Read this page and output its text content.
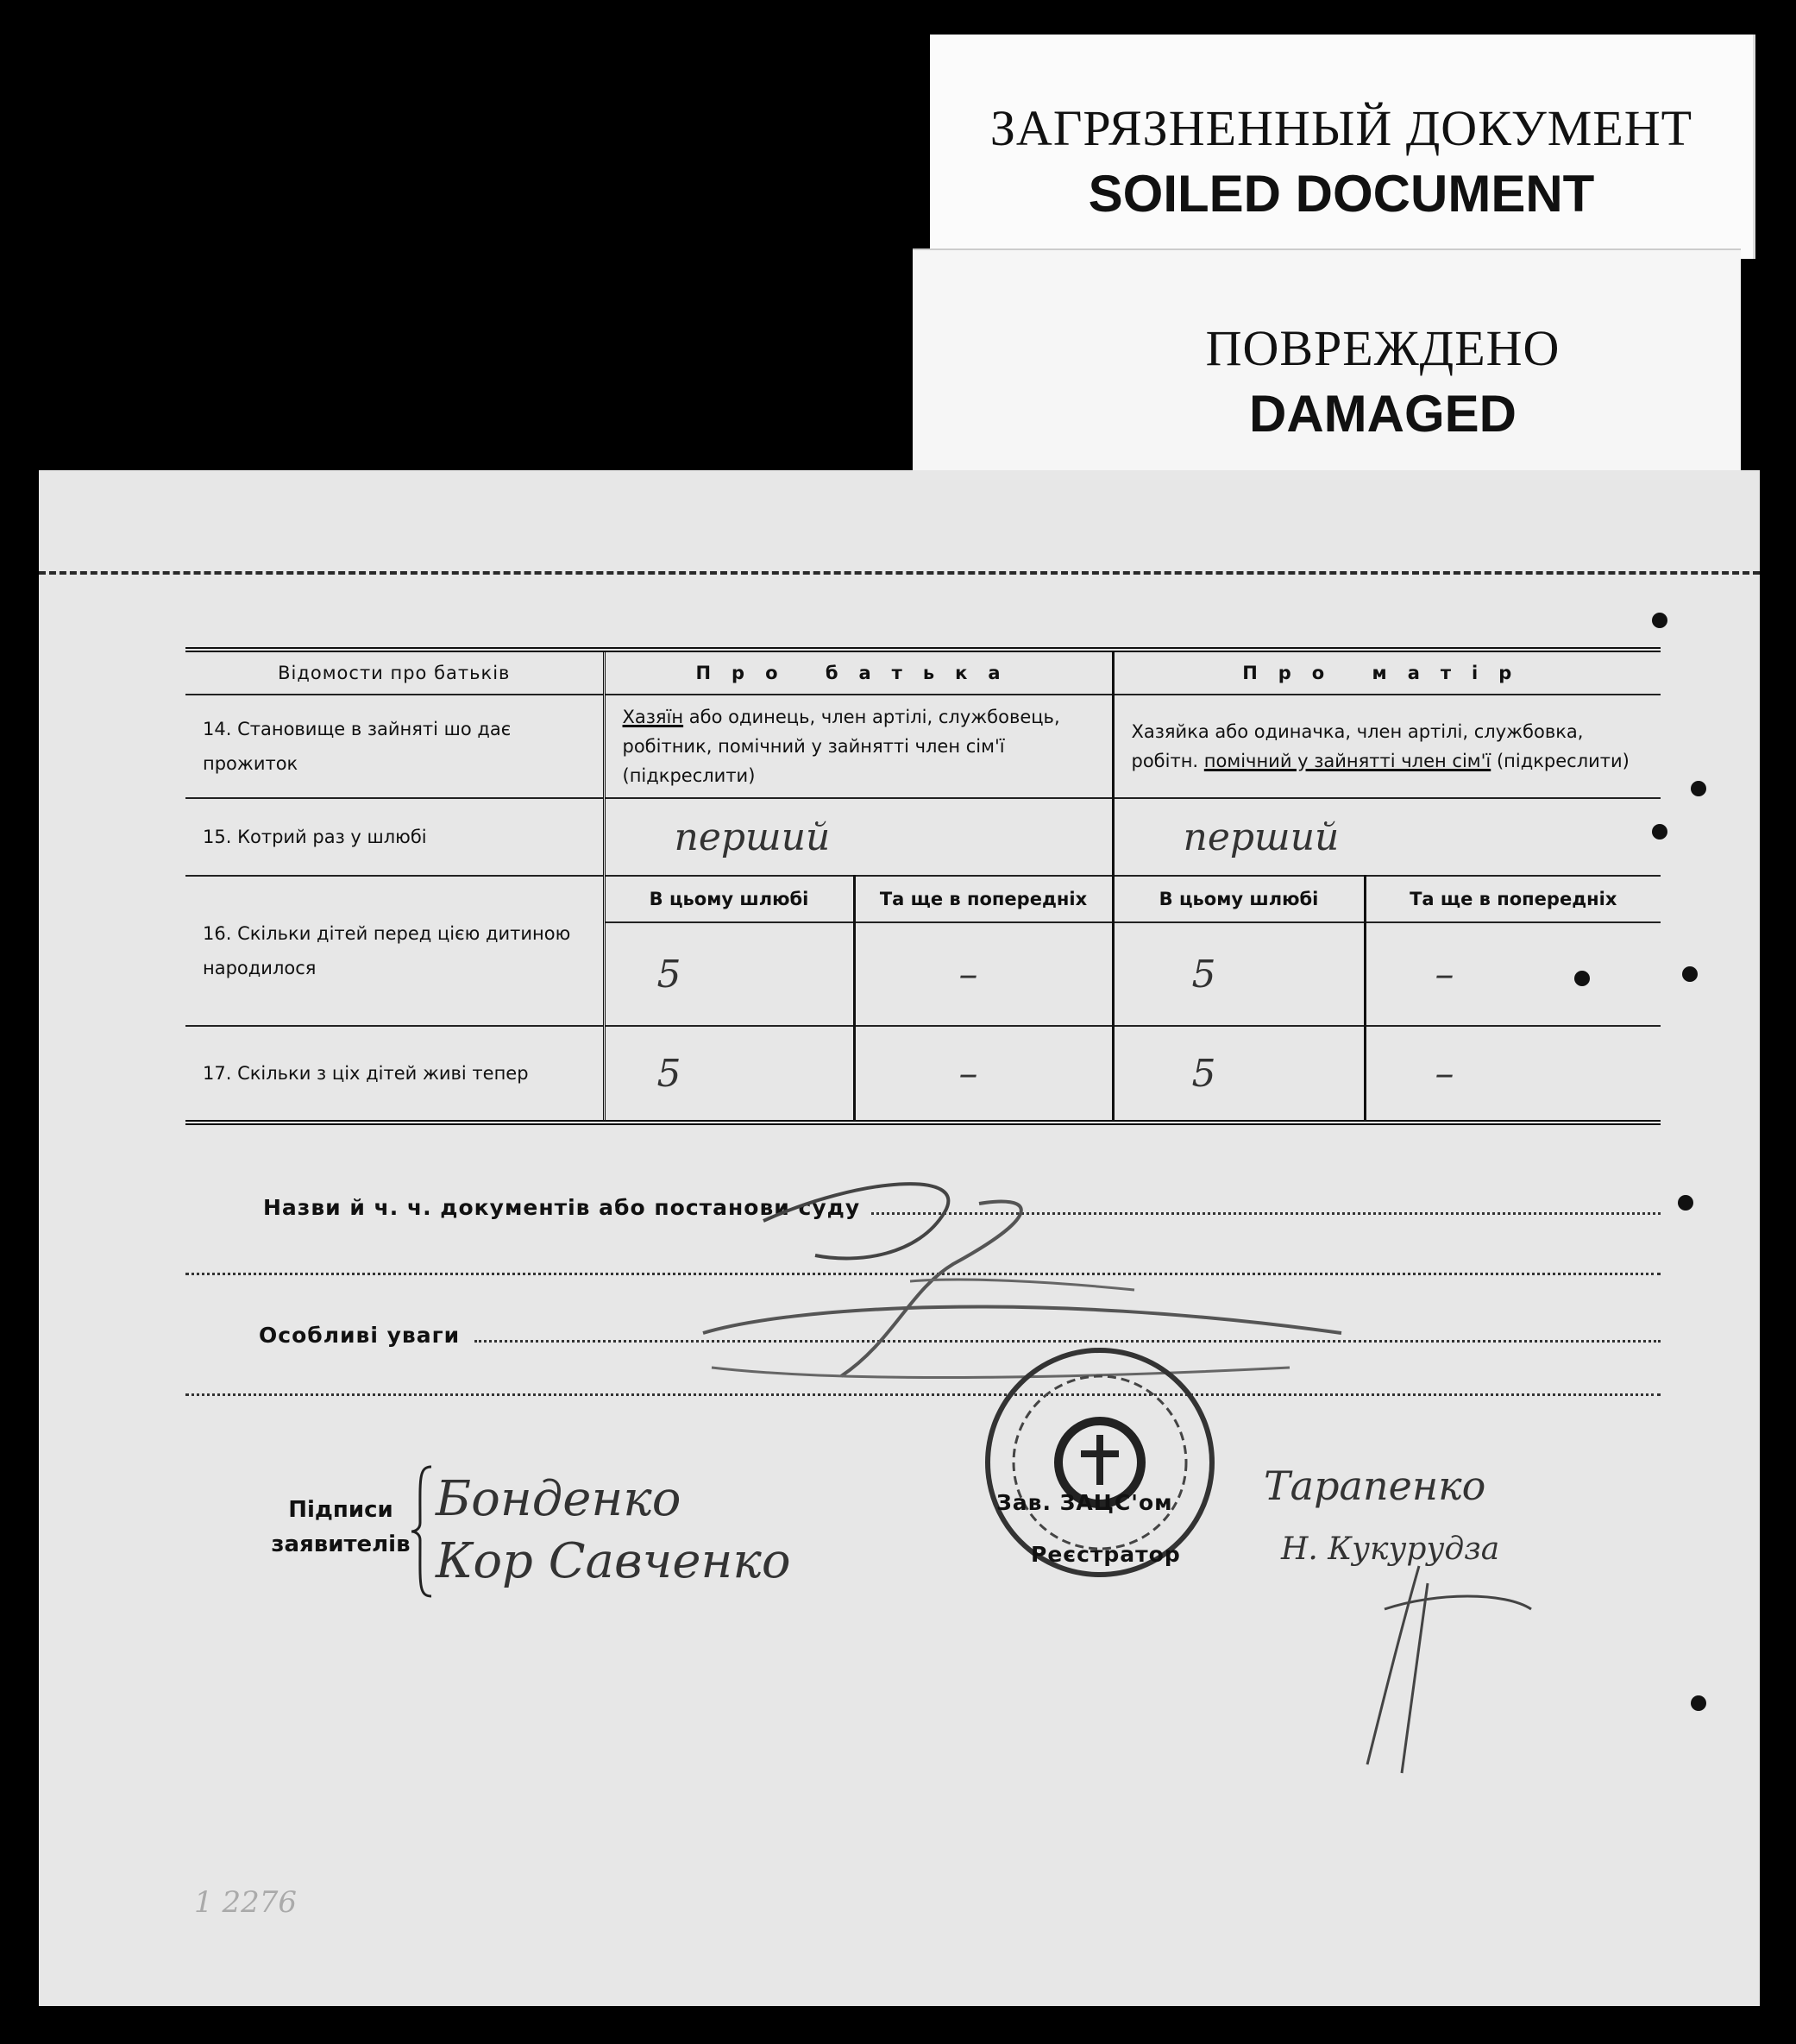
ЗАГРЯЗНЕННЫЙ ДОКУМЕНТ
SOILED DOCUMENT
ПОВРЕЖДЕНО
DAMAGED
Відомости про батьків	Про батька		Про матір	
14. Становище в зайняті шо дає прожиток	Хазяїн або одинець, член артілі, службовець, робітник, помічний у зайнятті член сім'ї (підкреслити)		Хазяйка або одиначка, член артілі, службовка, робітн. помічний у зайнятті член сім'ї (підкреслити)	
15. Котрий раз у шлюбі	перший		перший	
16. Скільки дітей перед цією дитиною народилося	В цьому шлюбі	Та ще в попередніх	В цьому шлюбі	Та ще в попередніх
	5	–	5	–
17. Скільки з ціх дітей живі тепер	5	–	5	–
Назви й ч. ч. документів або постанови суду
Особливі уваги
Підписи заявителів
Бонденко
Кор Савченко
Зав. ЗАЦС'ом
Реєстратор
Тарапенко
Н. Кукурудза
1 2276
